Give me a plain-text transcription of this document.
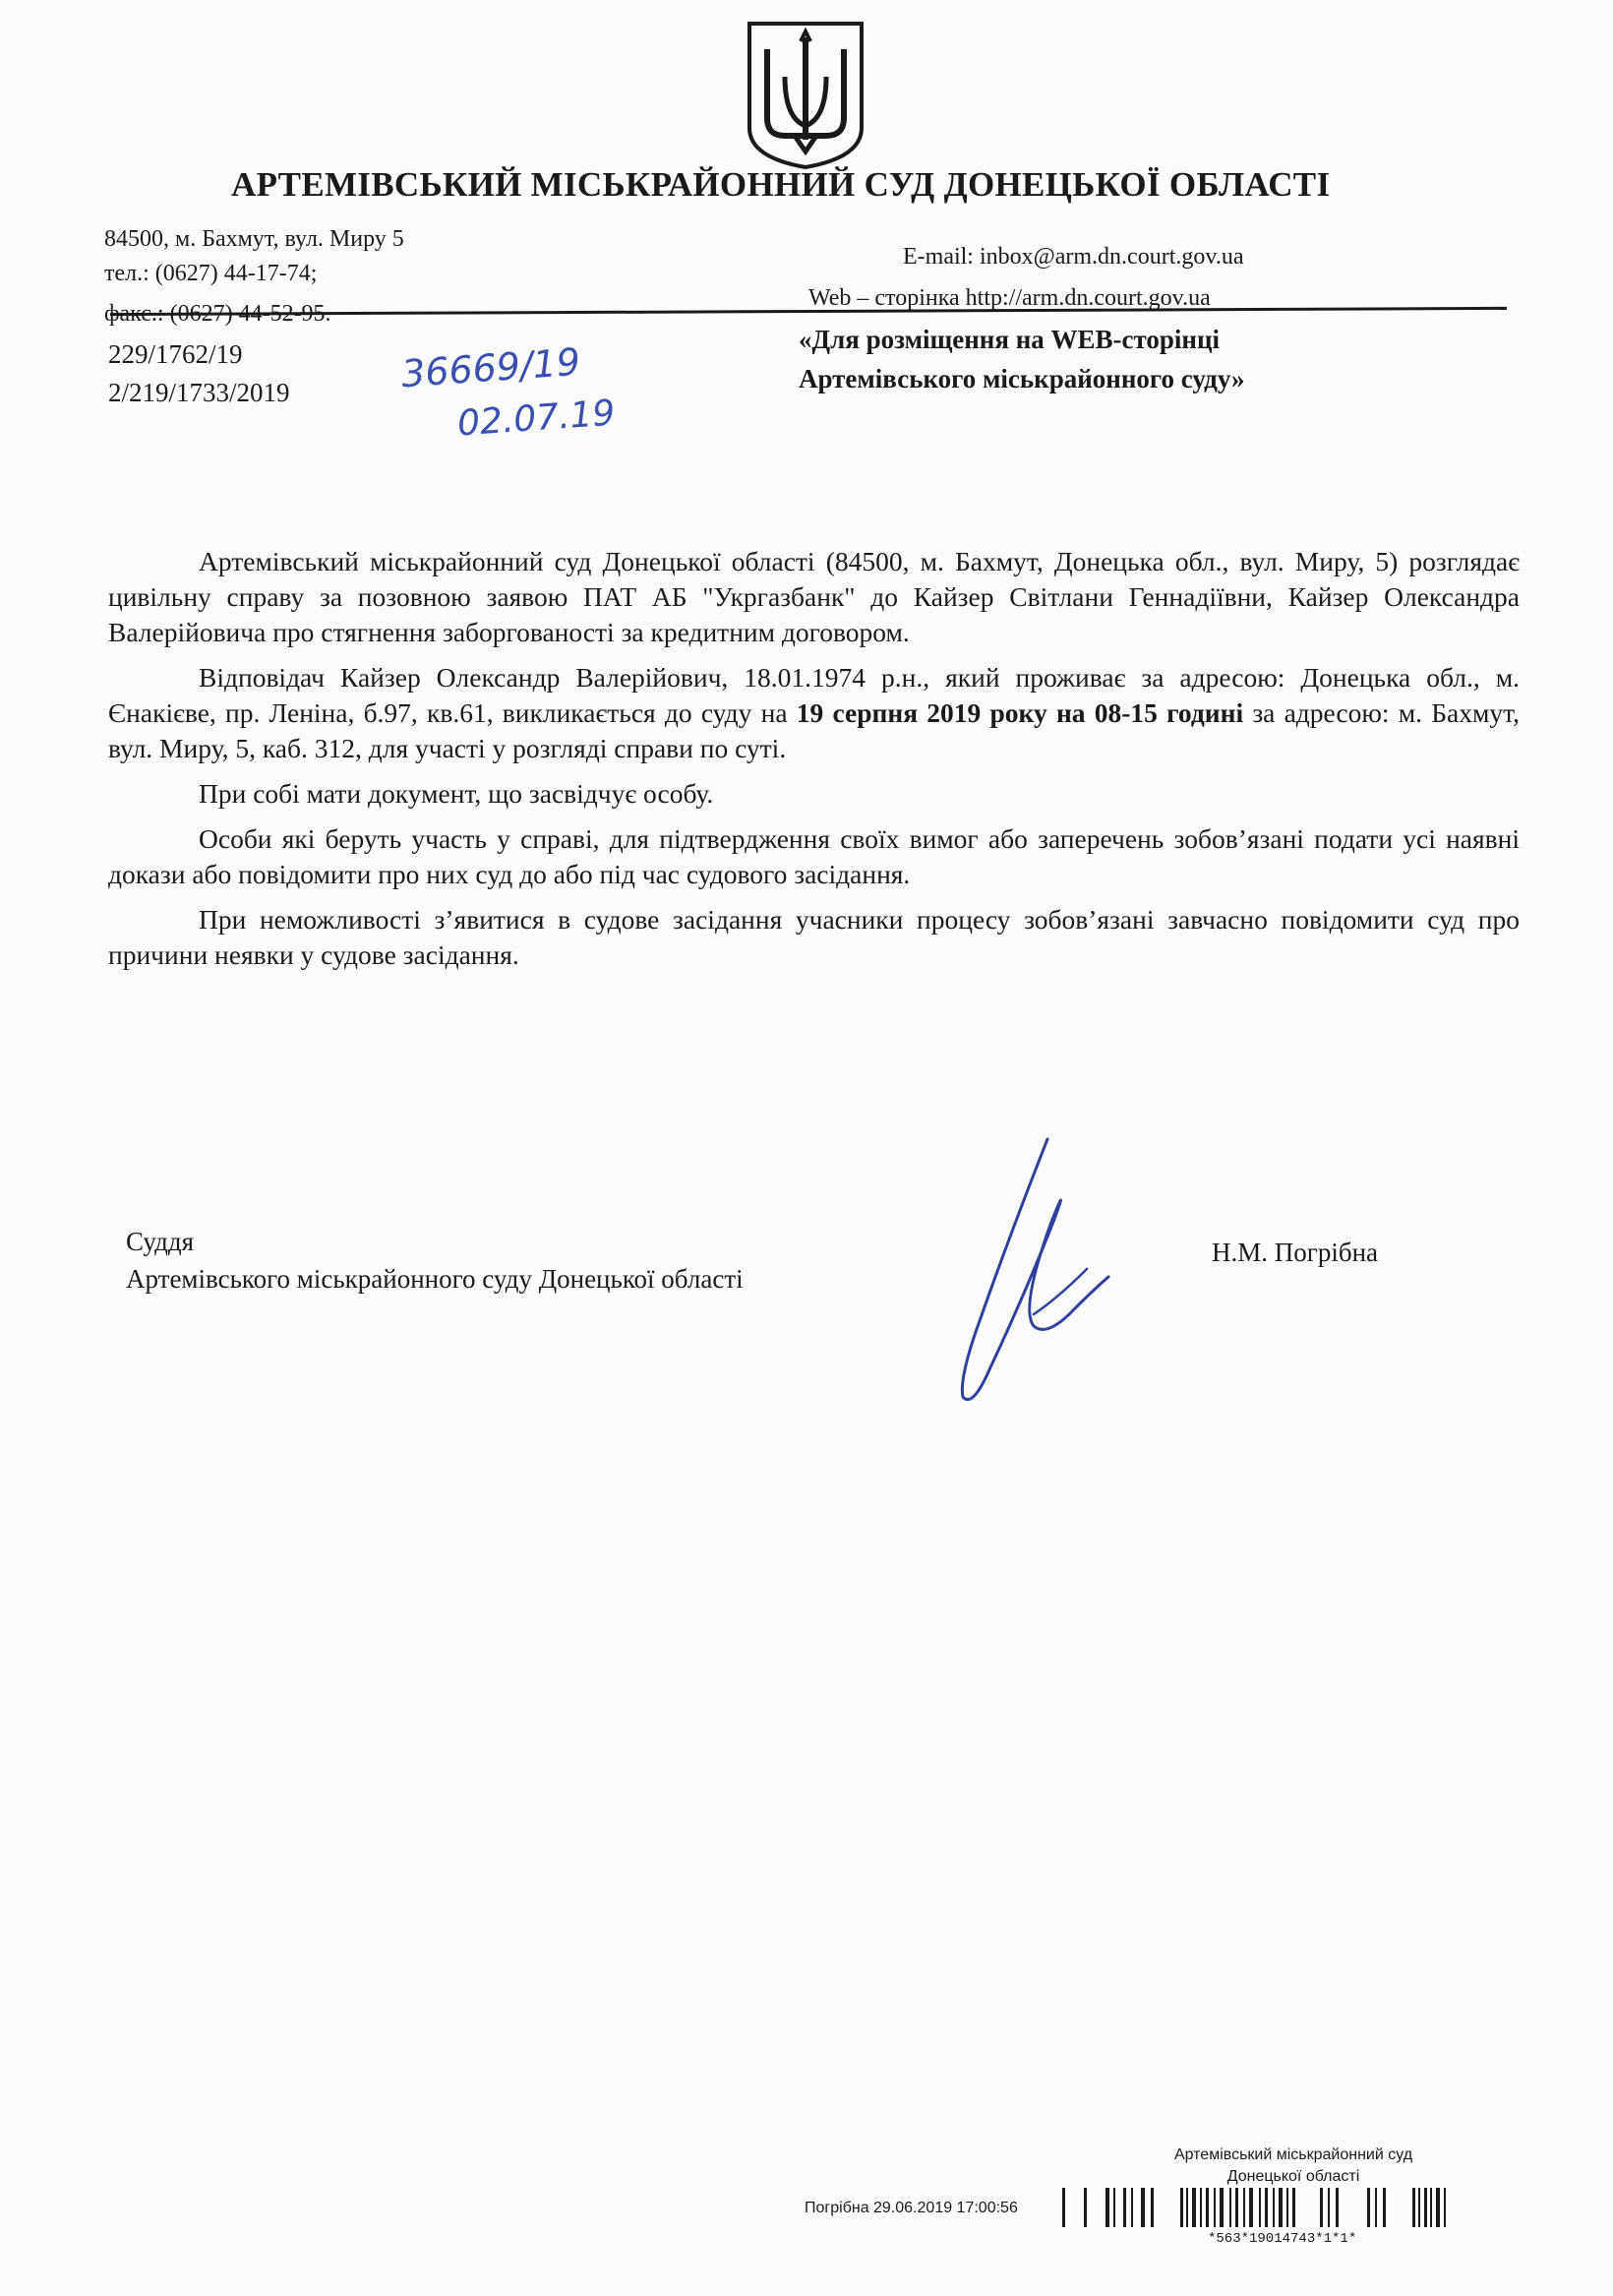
АРТЕМІВСЬКИЙ МІСЬКРАЙОННИЙ СУД ДОНЕЦЬКОЇ ОБЛАСТІ
84500, м. Бахмут, вул. Миру 5
тел.: (0627) 44-17-74;
факс.: (0627) 44-52-95.
E-mail: inbox@arm.dn.court.gov.ua
Web – сторінка http://arm.dn.court.gov.ua
229/1762/19
2/219/1733/2019	36669/19
02.07.19
«Для розміщення на WEB-сторінці
Артемівського міськрайонного суду»

Артемівський міськрайонний суд Донецької області (84500, м. Бахмут, Донецька обл., вул. Миру, 5) розглядає цивільну справу за позовною заявою ПАТ АБ "Укргазбанк" до Кайзер Світлани Геннадіївни, Кайзер Олександра Валерійовича про стягнення заборгованості за кредитним договором.

Відповідач Кайзер Олександр Валерійович, 18.01.1974 р.н., який проживає за адресою: Донецька обл., м. Єнакієве, пр. Леніна, б.97, кв.61, викликається до суду на 19 серпня 2019 року на 08-15 годині за адресою: м. Бахмут, вул. Миру, 5, каб. 312, для участі у розгляді справи по суті.

При собі мати документ, що засвідчує особу.

Особи які беруть участь у справі, для підтвердження своїх вимог або заперечень зобов’язані подати усі наявні докази або повідомити про них суд до або під час судового засідання.

При неможливості з’явитися в судове засідання учасники процесу зобов’язані завчасно повідомити суд про причини неявки у судове засідання.

Суддя
Артемівського міськрайонного суду Донецької області
Н.М. Погрібна
Артемівський міськрайонний суд
Донецької області
Погрібна 29.06.2019 17:00:56
*563*19014743*1*1*
